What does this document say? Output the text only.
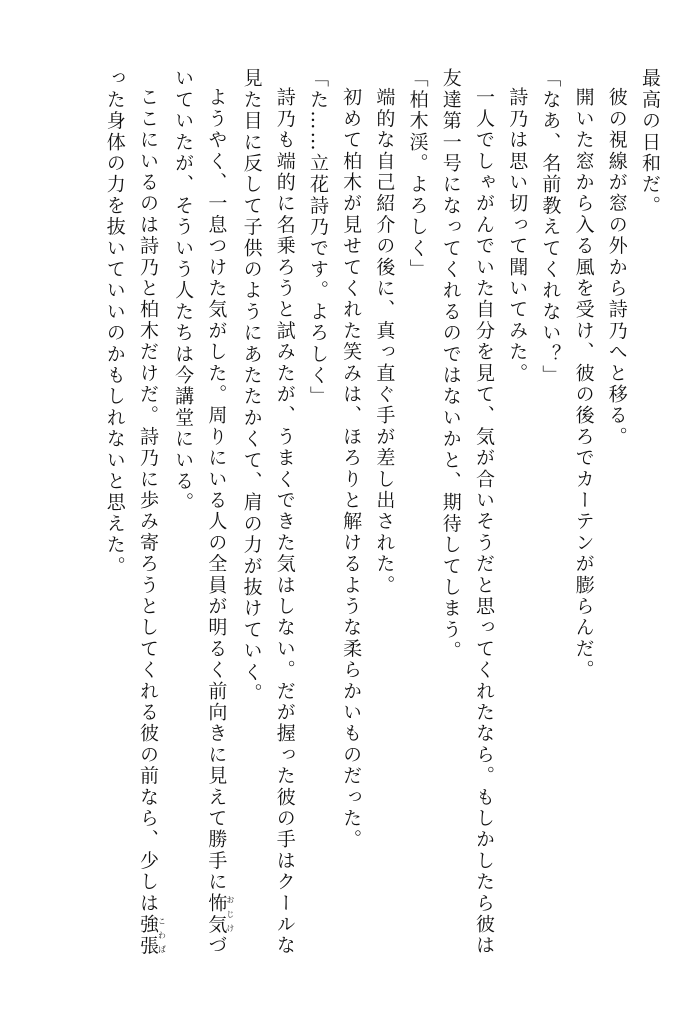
最高の日和だ。
彼の視線が窓の外から詩乃へと移る。
開いた窓から入る風を受け、彼の後ろでカーテンが膨らんだ。
「なあ、名前教えてくれない？」
詩乃は思い切って聞いてみた。
一人でしゃがんでいた自分を見て、気が合いそうだと思ってくれたなら。もしかしたら彼は
友達第一号になってくれるのではないかと、期待してしまう。
「柏木渓。よろしく」
端的な自己紹介の後に、真っ直ぐ手が差し出された。
初めて柏木が見せてくれた笑みは、ほろりと解けるような柔らかいものだった。
「た……立花詩乃です。よろしく」
詩乃も端的に名乗ろうと試みたが、うまくできた気はしない。だが握った彼の手はクールな
見た目に反して子供のようにあたたかくて、肩の力が抜けていく。
ようやく、一息つけた気がした。周りにいる人の全員が明るく前向きに見えて勝手に怖気おじけづ
いていたが、そういう人たちは今講堂にいる。
ここにいるのは詩乃と柏木だけだ。詩乃に歩み寄ろうとしてくれる彼の前なら、少しは強張こわば
った身体の力を抜いていいのかもしれないと思えた。
